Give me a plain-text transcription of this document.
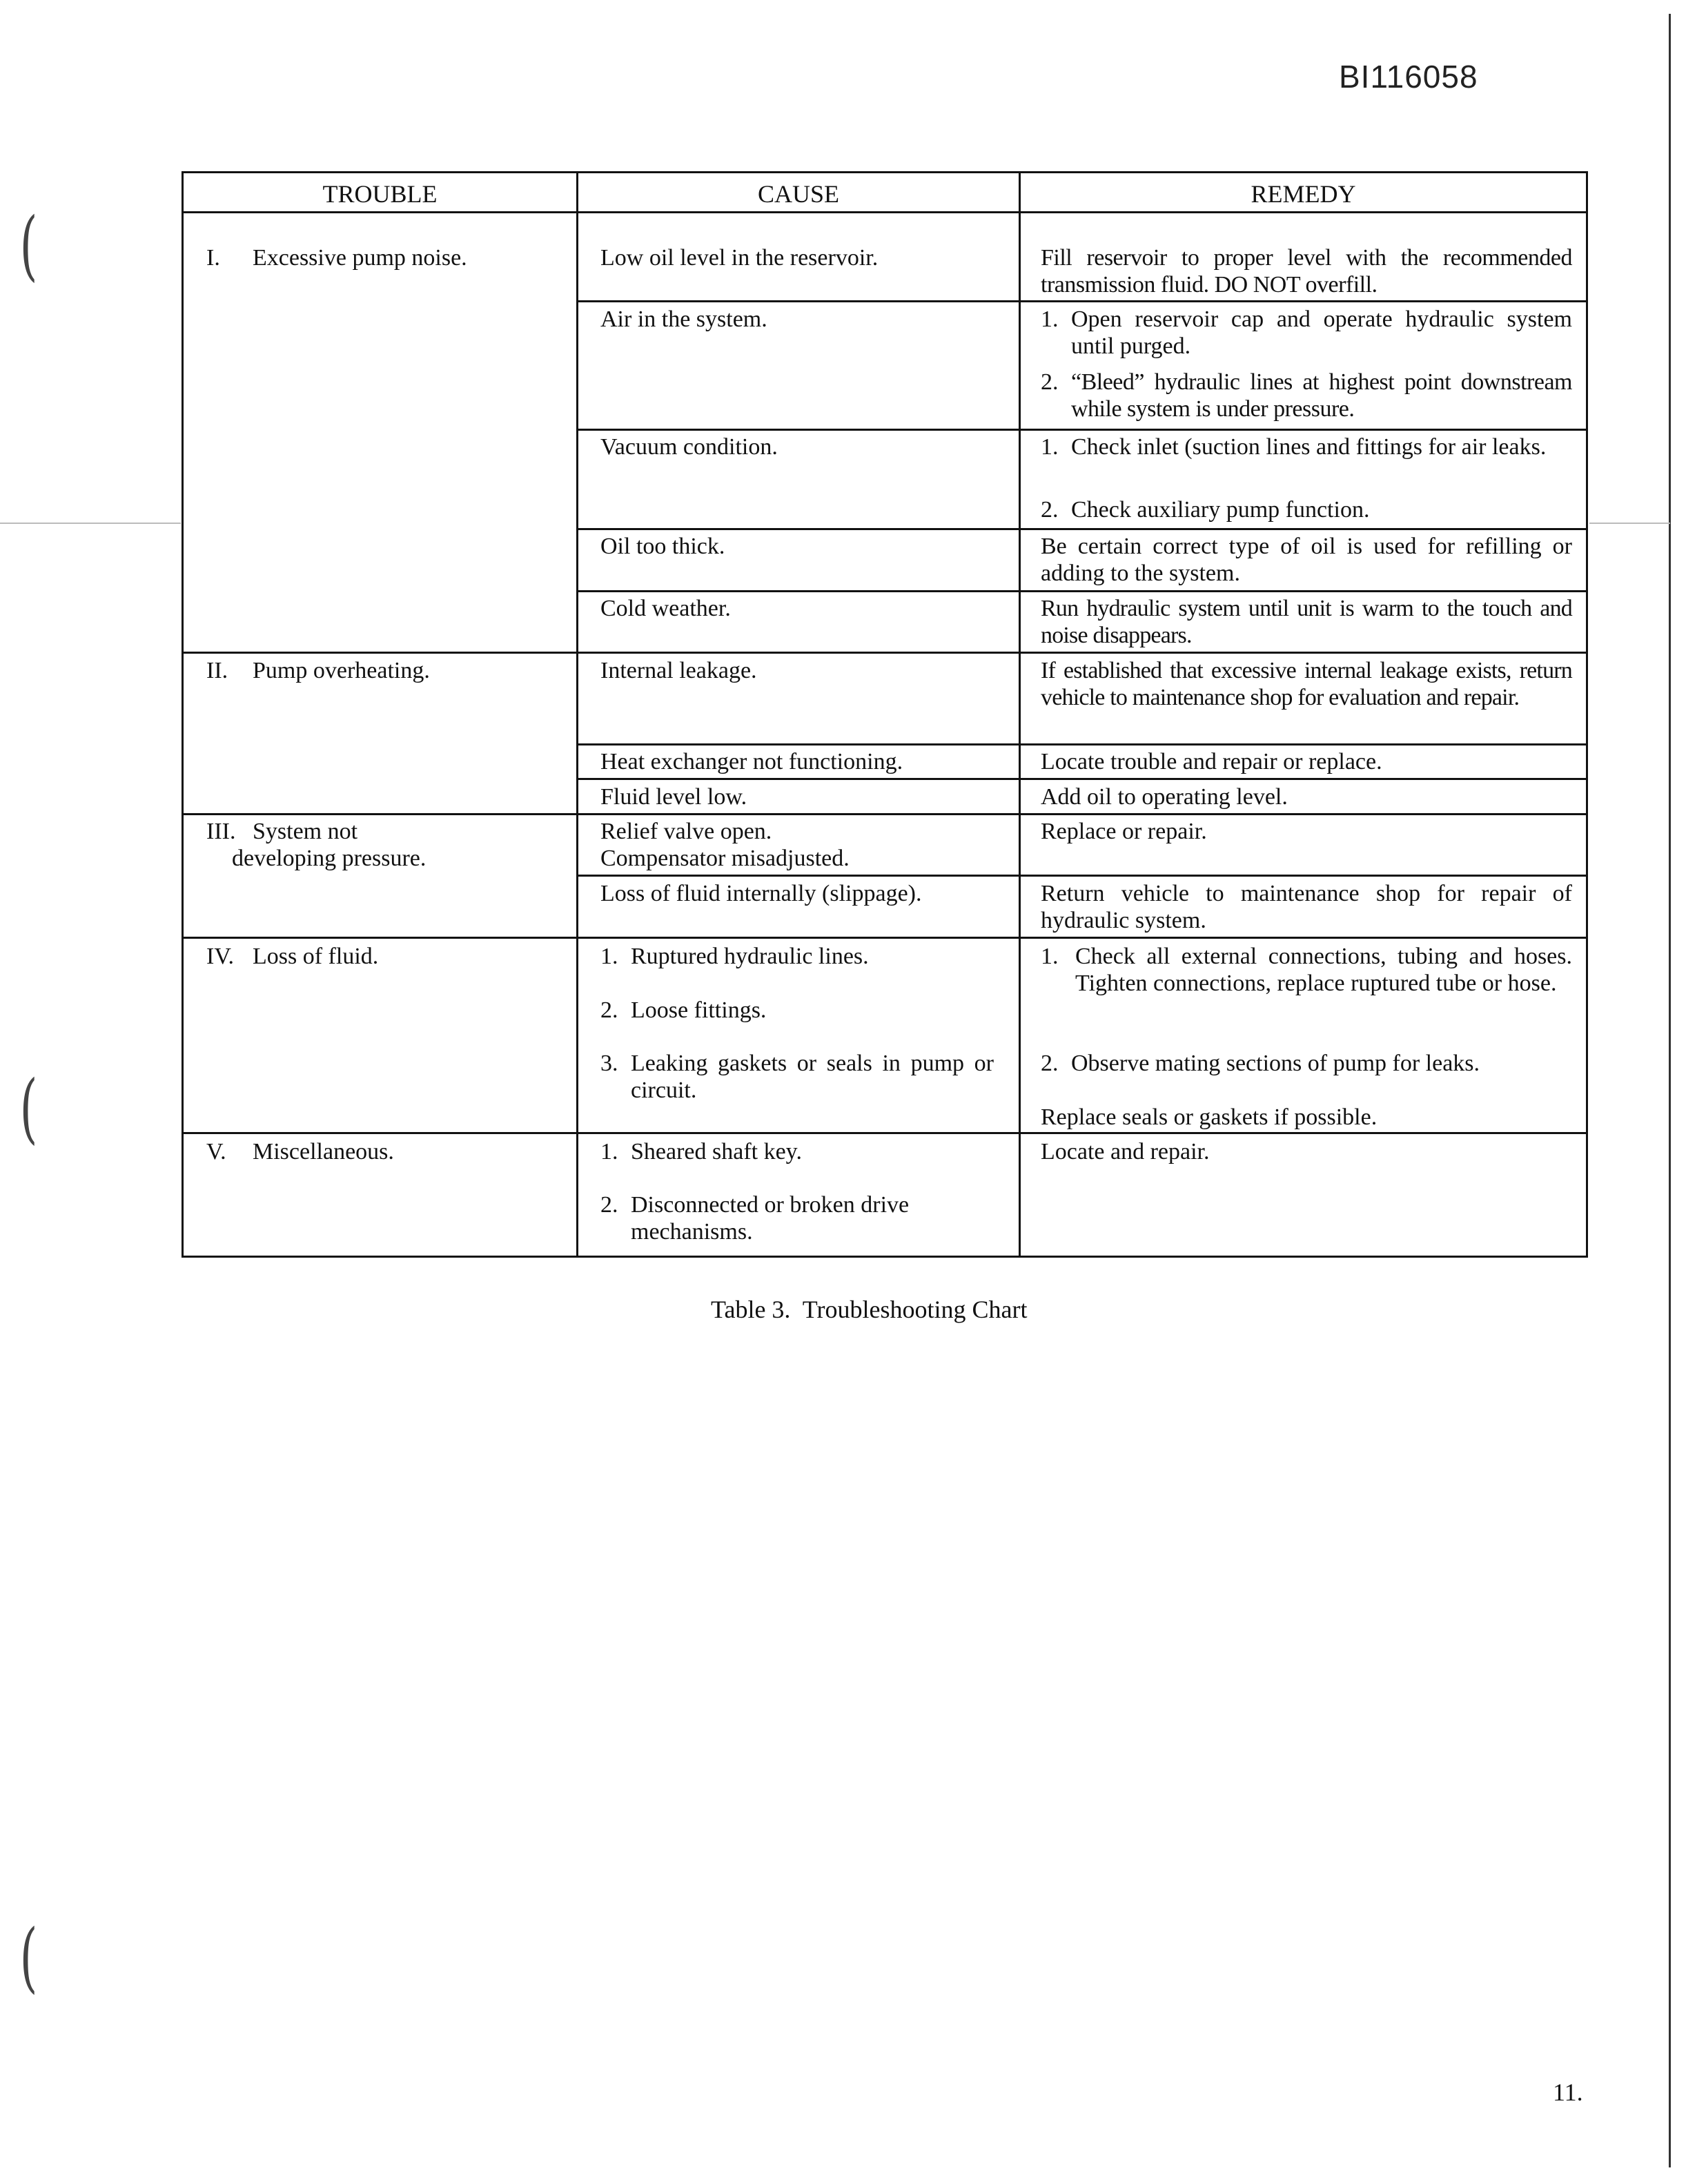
BI116058
(
(
(
TROUBLE	CAUSE	REMEDY
I. Excessive pump noise.
II. Pump overheating.
III. System not developing pressure.
IV. Loss of fluid.
V. Miscellaneous.
Low oil level in the reservoir.
Air in the system.
Vacuum condition.
Oil too thick.
Cold weather.
Internal leakage.
Heat exchanger not functioning.
Fluid level low.
Relief valve open.
Compensator misadjusted.
Loss of fluid internally (slippage).
1. Ruptured hydraulic lines.
2. Loose fittings.
3. Leaking gaskets or seals in pump or circuit.
1. Sheared shaft key.
2. Disconnected or broken drive mechanisms.
Fill reservoir to proper level with the recommended transmission fluid. DO NOT overfill.
1. Open reservoir cap and operate hydraulic system until purged.
2. “Bleed” hydraulic lines at highest point downstream while system is under pressure.
1. Check inlet (suction lines and fittings for air leaks.
2. Check auxiliary pump function.
Be certain correct type of oil is used for refilling or adding to the system.
Run hydraulic system until unit is warm to the touch and noise disappears.
If established that excessive internal leakage exists, return vehicle to maintenance shop for evaluation and repair.
Locate trouble and repair or replace.
Add oil to operating level.
Replace or repair.
Return vehicle to maintenance shop for repair of hydraulic system.
1. Check all external connections, tubing and hoses. Tighten connections, replace ruptured tube or hose.
2. Observe mating sections of pump for leaks.
Replace seals or gaskets if possible.
Locate and repair.
Table 3.  Troubleshooting Chart
11.
